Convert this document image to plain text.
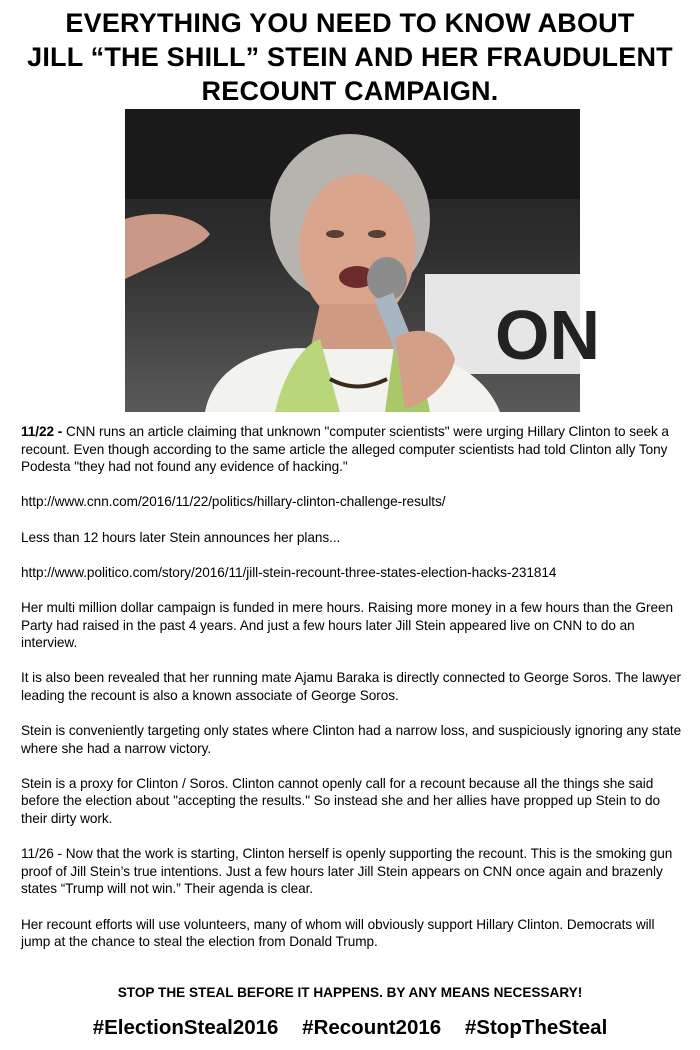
EVERYTHING YOU NEED TO KNOW ABOUT
JILL “THE SHILL” STEIN AND HER FRAUDULENT
RECOUNT CAMPAIGN.
ON

11/22 - CNN runs an article claiming that unknown "computer scientists" were urging Hillary Clinton to seek a recount. Even though according to the same article the alleged computer scientists had told Clinton ally Tony Podesta "they had not found any evidence of hacking."

http://www.cnn.com/2016/11/22/politics/hillary-clinton-challenge-results/

Less than 12 hours later Stein announces her plans...

http://www.politico.com/story/2016/11/jill-stein-recount-three-states-election-hacks-231814

Her multi million dollar campaign is funded in mere hours. Raising more money in a few hours than the Green Party had raised in the past 4 years. And just a few hours later Jill Stein appeared live on CNN to do an interview.

It is also been revealed that her running mate Ajamu Baraka is directly connected to George Soros. The lawyer leading the recount is also a known associate of George Soros.

Stein is conveniently targeting only states where Clinton had a narrow loss, and suspiciously ignoring any state where she had a narrow victory.

Stein is a proxy for Clinton / Soros. Clinton cannot openly call for a recount because all the things she said before the election about "accepting the results." So instead she and her allies have propped up Stein to do their dirty work.

11/26 - Now that the work is starting, Clinton herself is openly supporting the recount. This is the smoking gun proof of Jill Stein’s true intentions. Just a few hours later Jill Stein appears on CNN once again and brazenly states “Trump will not win.” Their agenda is clear.

Her recount efforts will use volunteers, many of whom will obviously support Hillary Clinton. Democrats will jump at the chance to steal the election from Donald Trump.

STOP THE STEAL BEFORE IT HAPPENS. BY ANY MEANS NECESSARY!
#ElectionSteal2016 #Recount2016 #StopTheSteal
